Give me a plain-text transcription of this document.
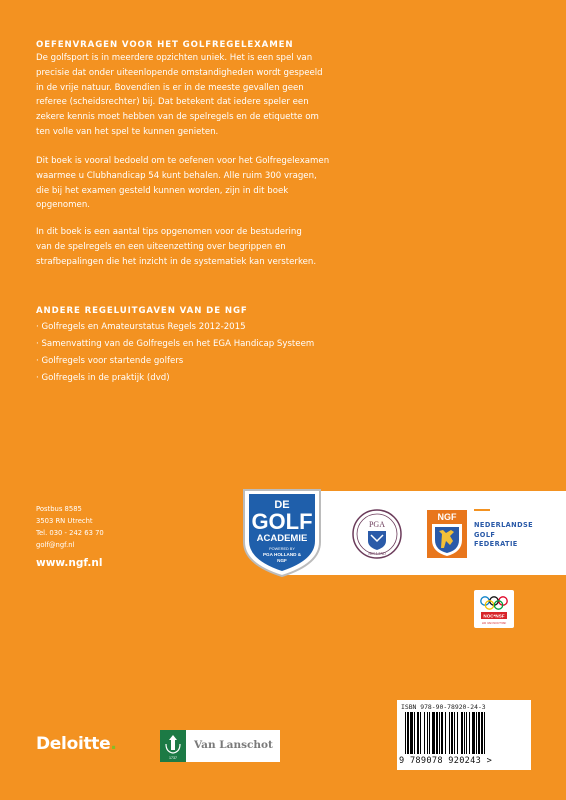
OEFENVRAGEN VOOR HET GOLFREGELEXAMEN
De golfsport is in meerdere opzichten uniek. Het is een spel van
precisie dat onder uiteenlopende omstandigheden wordt gespeeld
in de vrije natuur. Bovendien is er in de meeste gevallen geen
referee (scheidsrechter) bij. Dat betekent dat iedere speler een
zekere kennis moet hebben van de spelregels en de etiquette om
ten volle van het spel te kunnen genieten.
Dit boek is vooral bedoeld om te oefenen voor het Golfregelexamen
waarmee u Clubhandicap 54 kunt behalen. Alle ruim 300 vragen,
die bij het examen gesteld kunnen worden, zijn in dit boek
opgenomen.
In dit boek is een aantal tips opgenomen voor de bestudering
van de spelregels en een uiteenzetting over begrippen en
strafbepalingen die het inzicht in de systematiek kan versterken.
ANDERE REGELUITGAVEN VAN DE NGF
· Golfregels en Amateurstatus Regels 2012-2015
· Samenvatting van de Golfregels en het EGA Handicap Systeem
· Golfregels voor startende golfers
· Golfregels in de praktijk (dvd)
Postbus 8585
3503 RN Utrecht
Tel. 030 - 242 63 70
golf@ngf.nl
www.ngf.nl
DE
GOLF
ACADEMIE
POWERED BY
PGA HOLLAND &
NGF
PGA
HOLLAND
NGF
NEDERLANDSE
GOLF
FEDERATIE
NOC*NSF
LID VAN NOC*NSF
ISBN 978-90-78920-24-3
9 789078 920243 >
Deloitte.
1737
Van Lanschot
